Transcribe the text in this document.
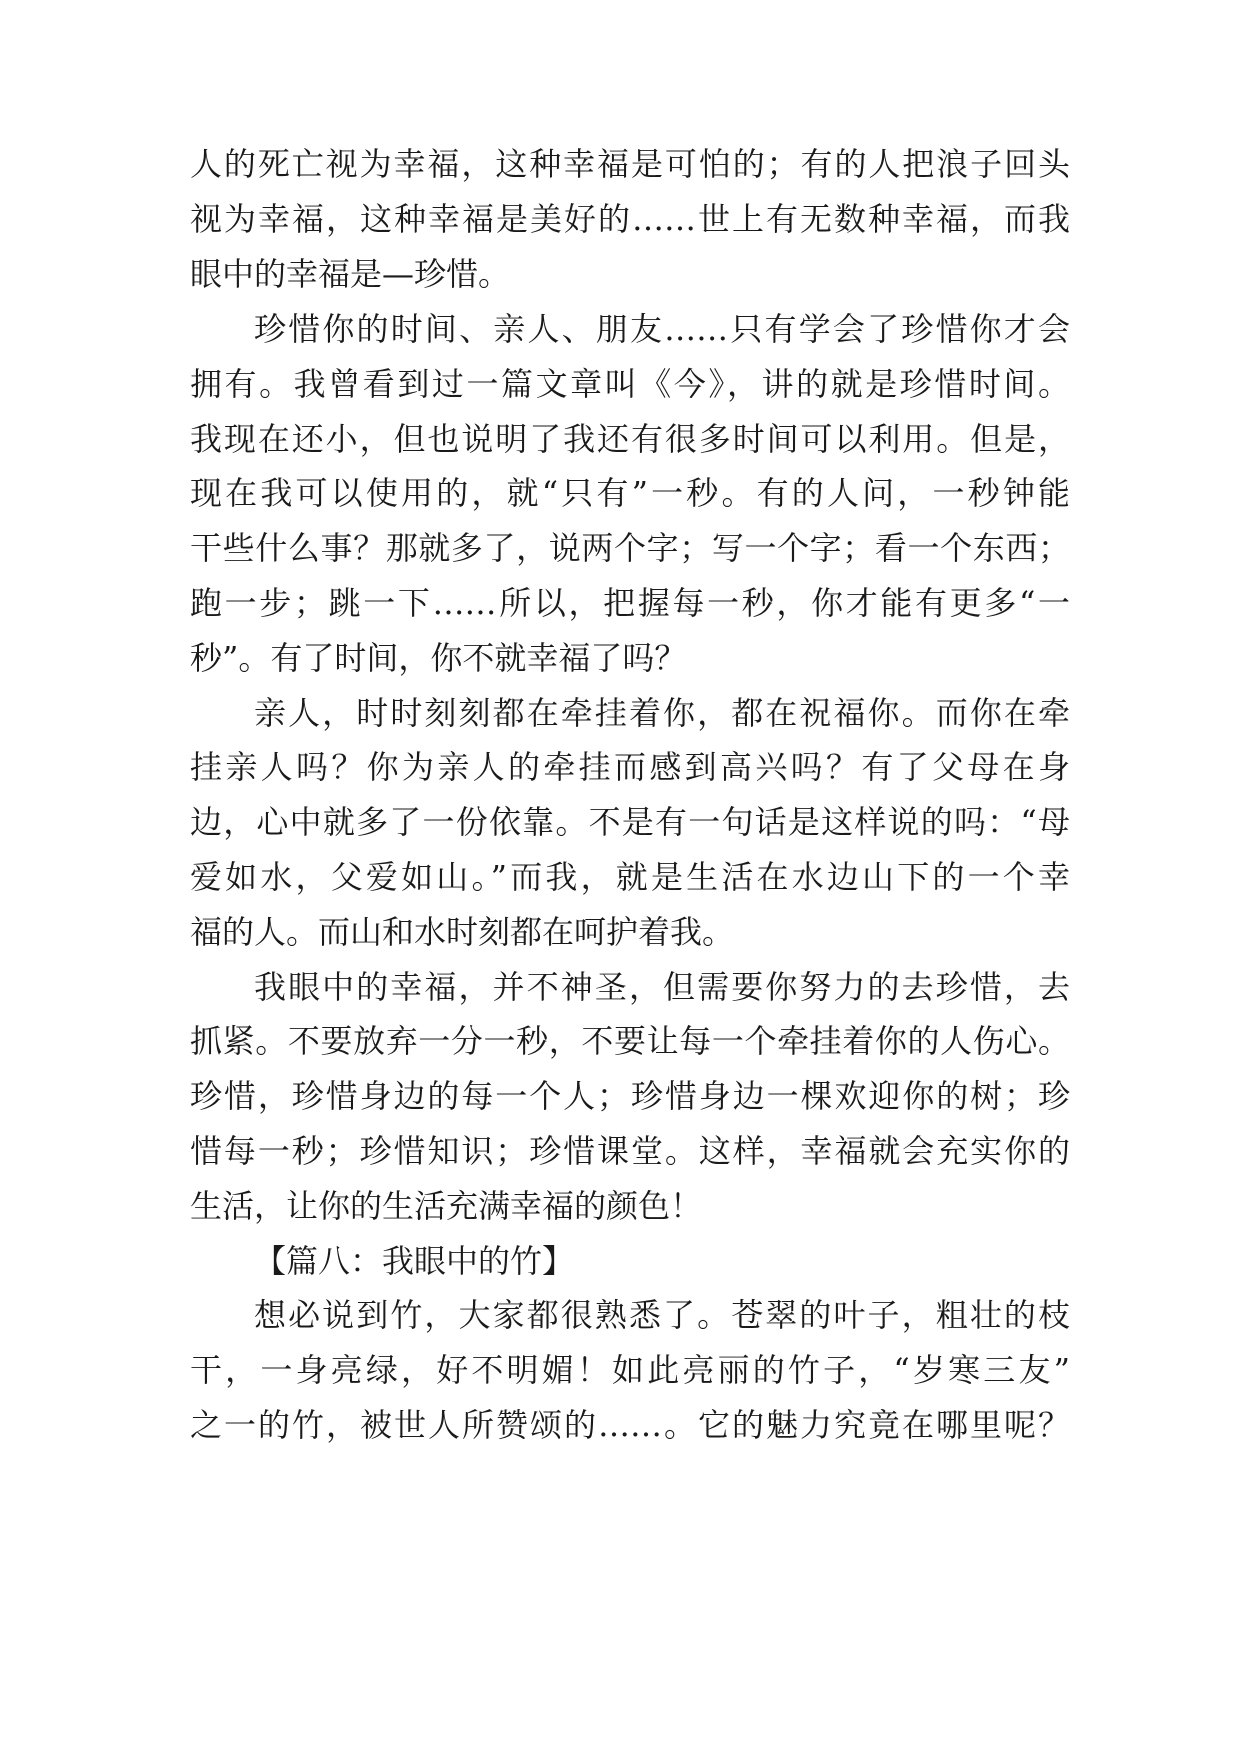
人的死亡视为幸福，这种幸福是可怕的；有的人把浪子回头
视为幸福，这种幸福是美好的……世上有无数种幸福，而我
眼中的幸福是—珍惜。
珍惜你的时间、亲人、朋友……只有学会了珍惜你才会
拥有。我曾看到过一篇文章叫《今》，讲的就是珍惜时间。
我现在还小，但也说明了我还有很多时间可以利用。但是，
现在我可以使用的，就“只有”一秒。有的人问，一秒钟能
干些什么事？那就多了，说两个字；写一个字；看一个东西；
跑一步；跳一下……所以，把握每一秒，你才能有更多“一
秒”。有了时间，你不就幸福了吗？
亲人，时时刻刻都在牵挂着你，都在祝福你。而你在牵
挂亲人吗？你为亲人的牵挂而感到高兴吗？有了父母在身
边，心中就多了一份依靠。不是有一句话是这样说的吗：“母
爱如水，父爱如山。”而我，就是生活在水边山下的一个幸
福的人。而山和水时刻都在呵护着我。
我眼中的幸福，并不神圣，但需要你努力的去珍惜，去
抓紧。不要放弃一分一秒，不要让每一个牵挂着你的人伤心。
珍惜，珍惜身边的每一个人；珍惜身边一棵欢迎你的树；珍
惜每一秒；珍惜知识；珍惜课堂。这样，幸福就会充实你的
生活，让你的生活充满幸福的颜色！
【篇八：我眼中的竹】
想必说到竹，大家都很熟悉了。苍翠的叶子，粗壮的枝
干，一身亮绿，好不明媚！如此亮丽的竹子，“岁寒三友”
之一的竹，被世人所赞颂的……。它的魅力究竟在哪里呢？
